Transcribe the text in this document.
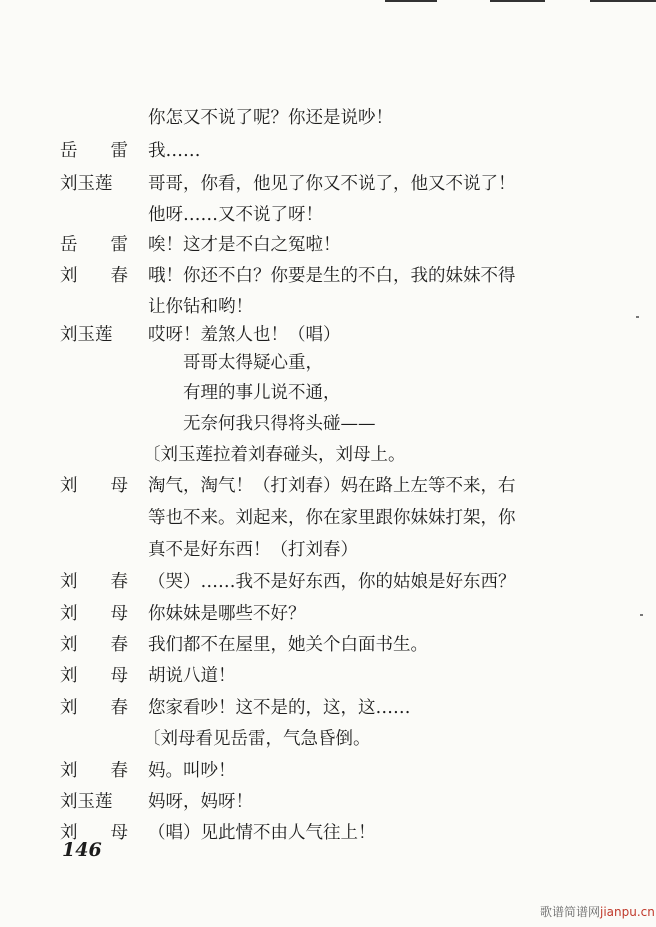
你怎又不说了呢？你还是说吵！
岳 雷 我……
刘 玉 莲 哥哥，你看，他见了你又不说了，他又不说了！
他呀……又不说了呀！
岳 雷 唉！这才是不白之冤啦！
刘 春 哦！你还不白？你要是生的不白，我的妹妹不得
让你钻和哟！
刘 玉 莲 哎呀！羞煞人也！（唱）
哥哥太得疑心重，
有理的事儿说不通，
无奈何我只得将头碰——
〔刘玉莲拉着刘春碰头，刘母上。
刘 母 淘气，淘气！（打刘春）妈在路上左等不来，右
等也不来。刘起来，你在家里跟你妹妹打架，你
真不是好东西！（打刘春）
刘 春 （哭）……我不是好东西，你的姑娘是好东西？
刘 母 你妹妹是哪些不好？
刘 春 我们都不在屋里，她关个白面书生。
刘 母 胡说八道！
刘 春 您家看吵！这不是的，这，这……
〔刘母看见岳雷，气急昏倒。
刘 春 妈。叫吵！
刘 玉 莲 妈呀，妈呀！
刘 母 （唱）见此情不由人气往上！
146
歌谱简谱网jianpu.cn
